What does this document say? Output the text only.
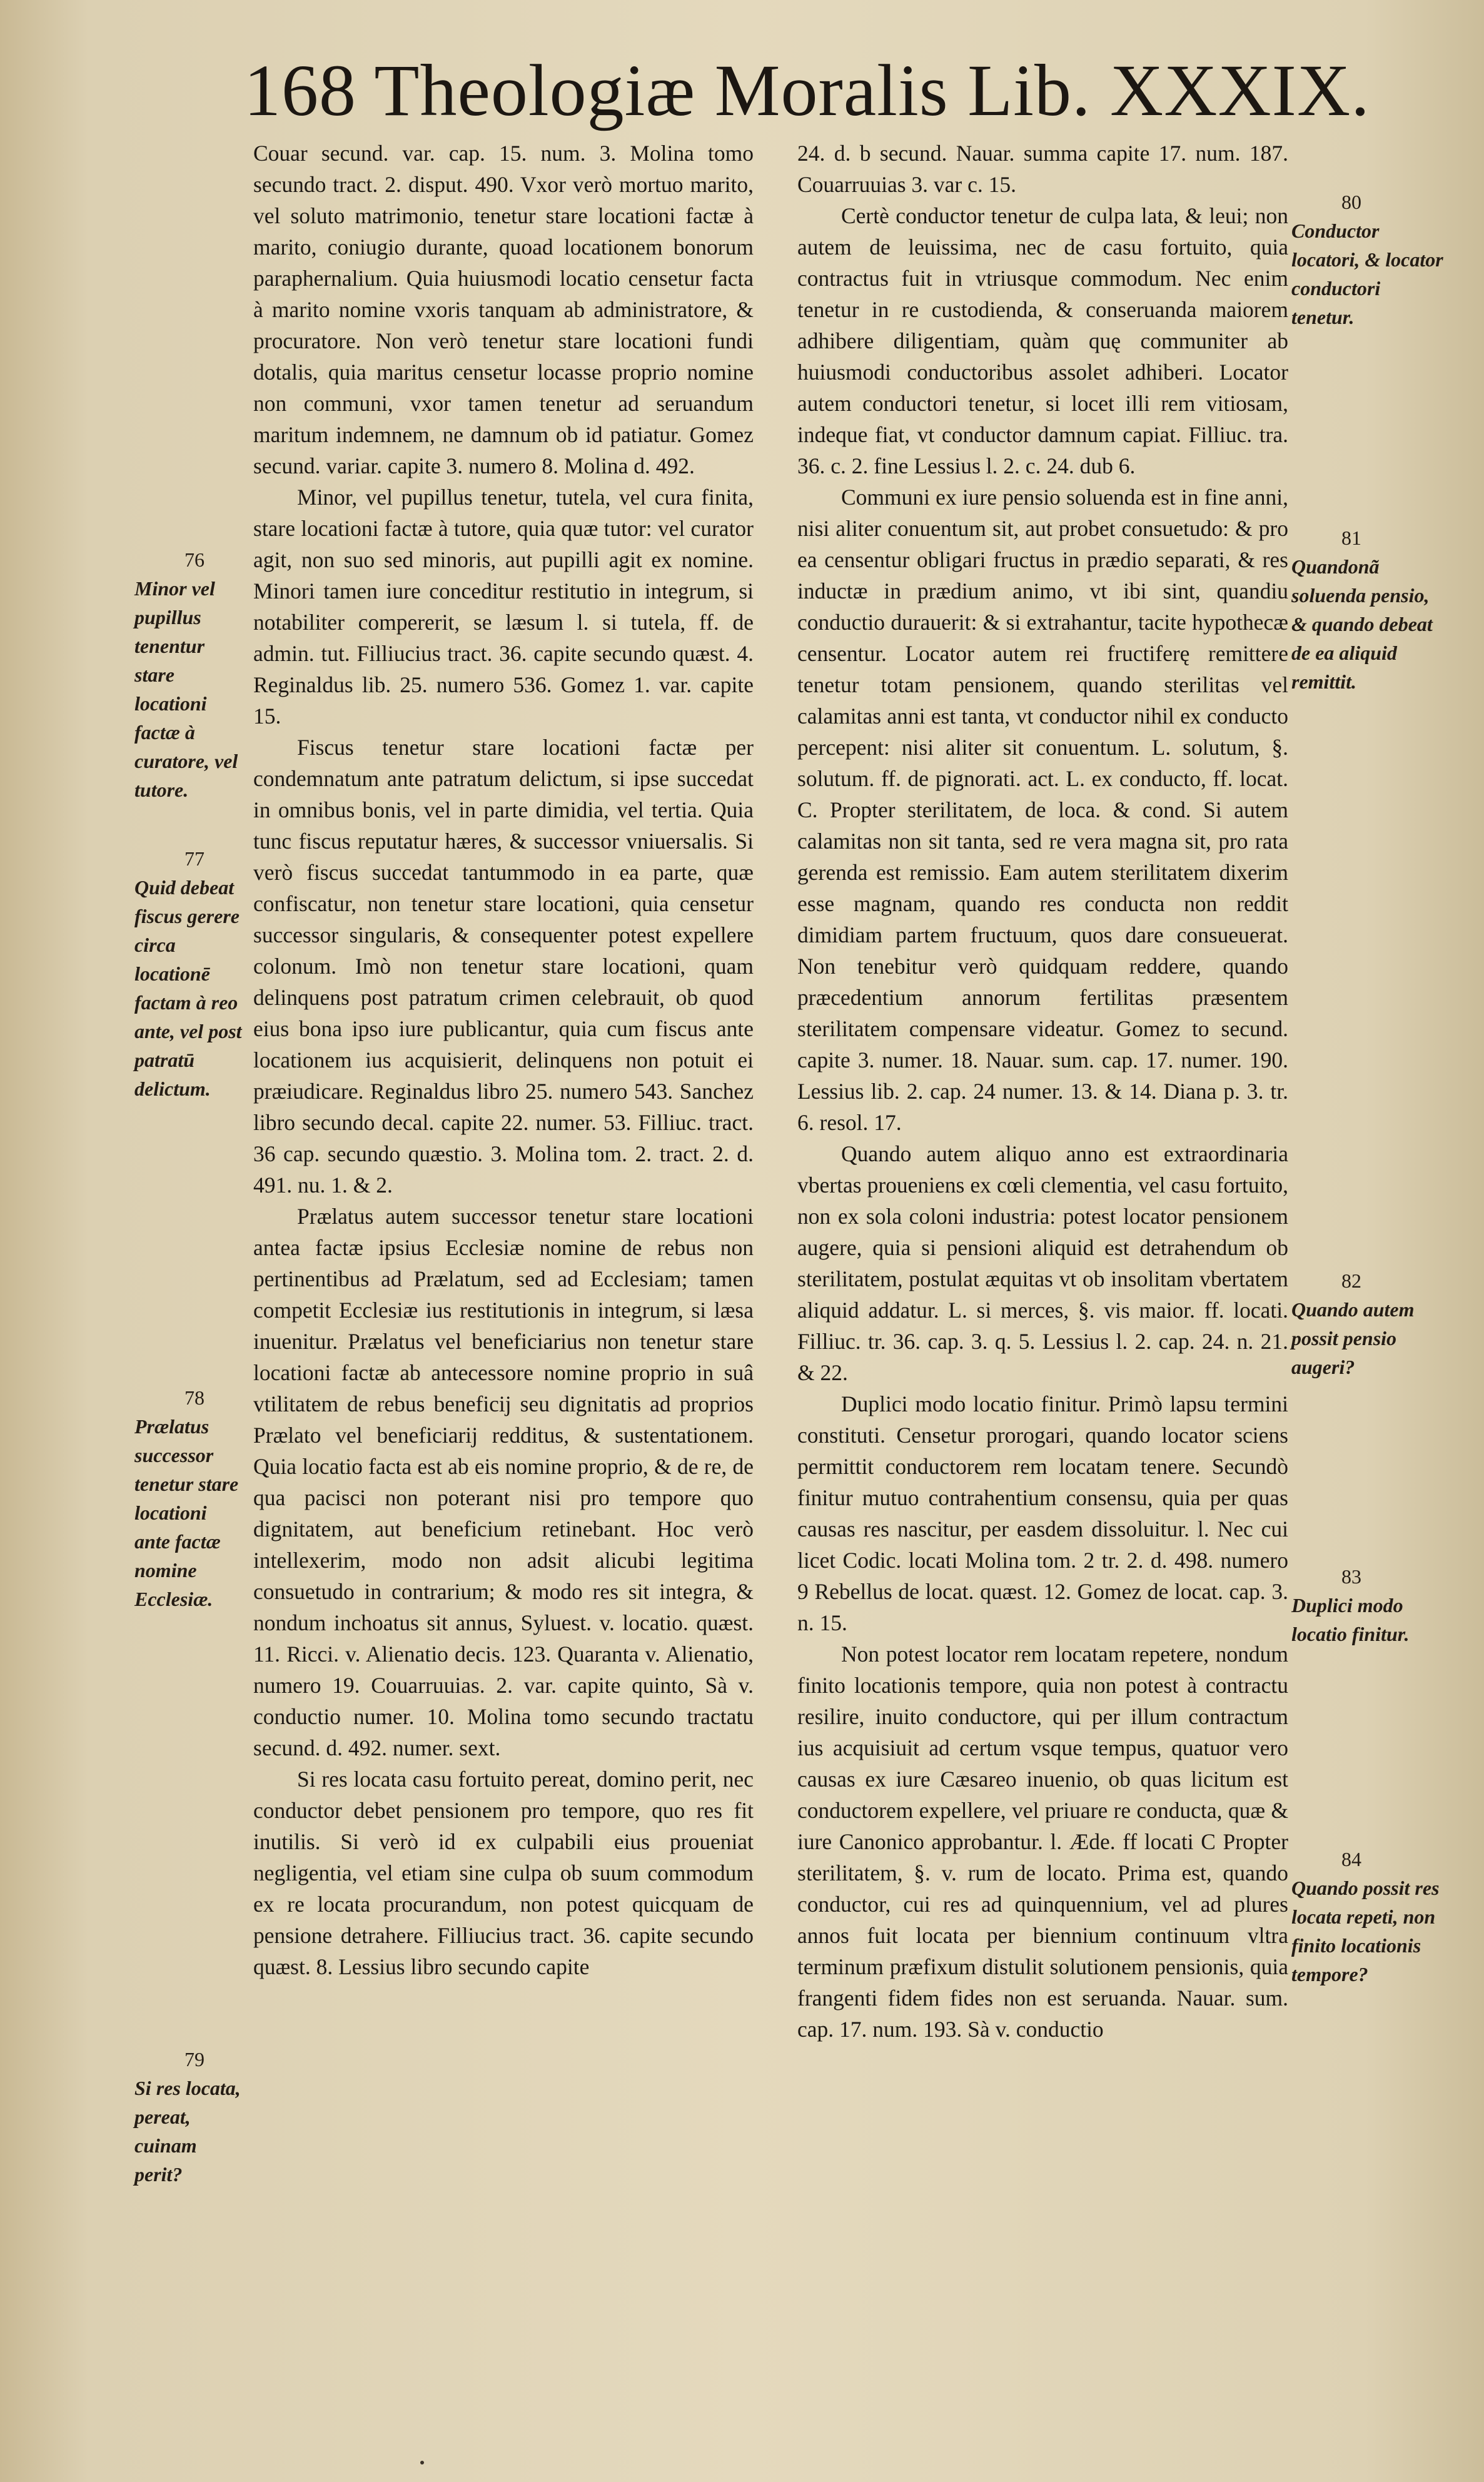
168 Theologiæ Moralis Lib. XXXIX.

Couar secund. var. cap. 15. num. 3. Molina tomo secundo tract. 2. disput. 490. Vxor verò mortuo marito, vel soluto matrimonio, tenetur stare locationi factæ à marito, coniugio durante, quoad locationem bonorum paraphernalium. Quia huiusmodi locatio censetur facta à marito nomine vxoris tanquam ab administratore, & procuratore. Non verò tenetur stare locationi fundi dotalis, quia maritus censetur locasse proprio nomine non communi, vxor tamen tenetur ad seruandum maritum indemnem, ne damnum ob id patiatur. Gomez secund. variar. capite 3. numero 8. Molina d. 492.

Minor, vel pupillus tenetur, tutela, vel cura finita, stare locationi factæ à tutore, quia quæ tutor: vel curator agit, non suo sed minoris, aut pupilli agit ex nomine. Minori tamen iure conceditur restitutio in integrum, si notabiliter compererit, se læsum l. si tutela, ff. de admin. tut. Filliucius tract. 36. capite secundo quæst. 4. Reginaldus lib. 25. numero 536. Gomez 1. var. capite 15.

Fiscus tenetur stare locationi factæ per condemnatum ante patratum delictum, si ipse succedat in omnibus bonis, vel in parte dimidia, vel tertia. Quia tunc fiscus reputatur hæres, & successor vniuersalis. Si verò fiscus succedat tantummodo in ea parte, quæ confiscatur, non tenetur stare locationi, quia censetur successor singularis, & consequenter potest expellere colonum. Imò non tenetur stare locationi, quam delinquens post patratum crimen celebrauit, ob quod eius bona ipso iure publicantur, quia cum fiscus ante locationem ius acquisierit, delinquens non potuit ei præiudicare. Reginaldus libro 25. numero 543. Sanchez libro secundo decal. capite 22. numer. 53. Filliuc. tract. 36 cap. secundo quæstio. 3. Molina tom. 2. tract. 2. d. 491. nu. 1. & 2.

Prælatus autem successor tenetur stare locationi antea factæ ipsius Ecclesiæ nomine de rebus non pertinentibus ad Prælatum, sed ad Ecclesiam; tamen competit Ecclesiæ ius restitutionis in integrum, si læsa inuenitur. Prælatus vel beneficiarius non tenetur stare locationi factæ ab antecessore nomine proprio in suâ vtilitatem de rebus beneficij seu dignitatis ad proprios Prælato vel beneficiarij redditus, & sustentationem. Quia locatio facta est ab eis nomine proprio, & de re, de qua pacisci non poterant nisi pro tempore quo dignitatem, aut beneficium retinebant. Hoc verò intellexerim, modo non adsit alicubi legitima consuetudo in contrarium; & modo res sit integra, & nondum inchoatus sit annus, Syluest. v. locatio. quæst. 11. Ricci. v. Alienatio decis. 123. Quaranta v. Alienatio, numero 19. Couarruuias. 2. var. capite quinto, Sà v. conductio numer. 10. Molina tomo secundo tractatu secund. d. 492. numer. sext.

Si res locata casu fortuito pereat, domino perit, nec conductor debet pensionem pro tempore, quo res fit inutilis. Si verò id ex culpabili eius proueniat negligentia, vel etiam sine culpa ob suum commodum ex re locata procurandum, non potest quicquam de pensione detrahere. Filliucius tract. 36. capite secundo quæst. 8. Lessius libro secundo capite

24. d. b secund. Nauar. summa capite 17. num. 187. Couarruuias 3. var c. 15.

Certè conductor tenetur de culpa lata, & leui; non autem de leuissima, nec de casu fortuito, quia contractus fuit in vtriusque commodum. Nec enim tenetur in re custodienda, & conseruanda maiorem adhibere diligentiam, quàm quę communiter ab huiusmodi conductoribus assolet adhiberi. Locator autem conductori tenetur, si locet illi rem vitiosam, indeque fiat, vt conductor damnum capiat. Filliuc. tra. 36. c. 2. fine Lessius l. 2. c. 24. dub 6.

Communi ex iure pensio soluenda est in fine anni, nisi aliter conuentum sit, aut probet consuetudo: & pro ea censentur obligari fructus in prædio separati, & res inductæ in prædium animo, vt ibi sint, quandiu conductio durauerit: & si extrahantur, tacite hypothecæ censentur. Locator autem rei fructiferę remittere tenetur totam pensionem, quando sterilitas vel calamitas anni est tanta, vt conductor nihil ex conducto percepent: nisi aliter sit conuentum. L. solutum, §. solutum. ff. de pignorati. act. L. ex conducto, ff. locat. C. Propter sterilitatem, de loca. & cond. Si autem calamitas non sit tanta, sed re vera magna sit, pro rata gerenda est remissio. Eam autem sterilitatem dixerim esse magnam, quando res conducta non reddit dimidiam partem fructuum, quos dare consueuerat. Non tenebitur verò quidquam reddere, quando præcedentium annorum fertilitas præsentem sterilitatem compensare videatur. Gomez to secund. capite 3. numer. 18. Nauar. sum. cap. 17. numer. 190. Lessius lib. 2. cap. 24 numer. 13. & 14. Diana p. 3. tr. 6. resol. 17.

Quando autem aliquo anno est extraordinaria vbertas proueniens ex cœli clementia, vel casu fortuito, non ex sola coloni industria: potest locator pensionem augere, quia si pensioni aliquid est detrahendum ob sterilitatem, postulat æquitas vt ob insolitam vbertatem aliquid addatur. L. si merces, §. vis maior. ff. locati. Filliuc. tr. 36. cap. 3. q. 5. Lessius l. 2. cap. 24. n. 21. & 22.

Duplici modo locatio finitur. Primò lapsu termini constituti. Censetur prorogari, quando locator sciens permittit conductorem rem locatam tenere. Secundò finitur mutuo contrahentium consensu, quia per quas causas res nascitur, per easdem dissoluitur. l. Nec cui licet Codic. locati Molina tom. 2 tr. 2. d. 498. numero 9 Rebellus de locat. quæst. 12. Gomez de locat. cap. 3. n. 15.

Non potest locator rem locatam repetere, nondum finito locationis tempore, quia non potest à contractu resilire, inuito conductore, qui per illum contractum ius acquisiuit ad certum vsque tempus, quatuor vero causas ex iure Cæsareo inuenio, ob quas licitum est conductorem expellere, vel priuare re conducta, quæ & iure Canonico approbantur. l. Æde. ff locati C Propter sterilitatem, §. v. rum de locato. Prima est, quando conductor, cui res ad quinquennium, vel ad plures annos fuit locata per biennium continuum vltra terminum præfixum distulit solutionem pensionis, quia frangenti fidem fides non est seruanda. Nauar. sum. cap. 17. num. 193. Sà v. conductio

76
Minor vel pupillus tenentur stare locationi factæ à curatore, vel tutore.
77
Quid debeat fiscus gerere circa locationē factam à reo ante, vel post patratū delictum.
78
Prælatus successor tenetur stare locationi ante factæ nomine Ecclesiæ.
79
Si res locata, pereat, cuinam perit?
80
Conductor locatori, & locator conductori tenetur.
81
Quandonã soluenda pensio, & quando debeat de ea aliquid remittit.
82
Quando autem possit pensio augeri?
83
Duplici modo locatio finitur.
84
Quando possit res locata repeti, non finito locationis tempore?
